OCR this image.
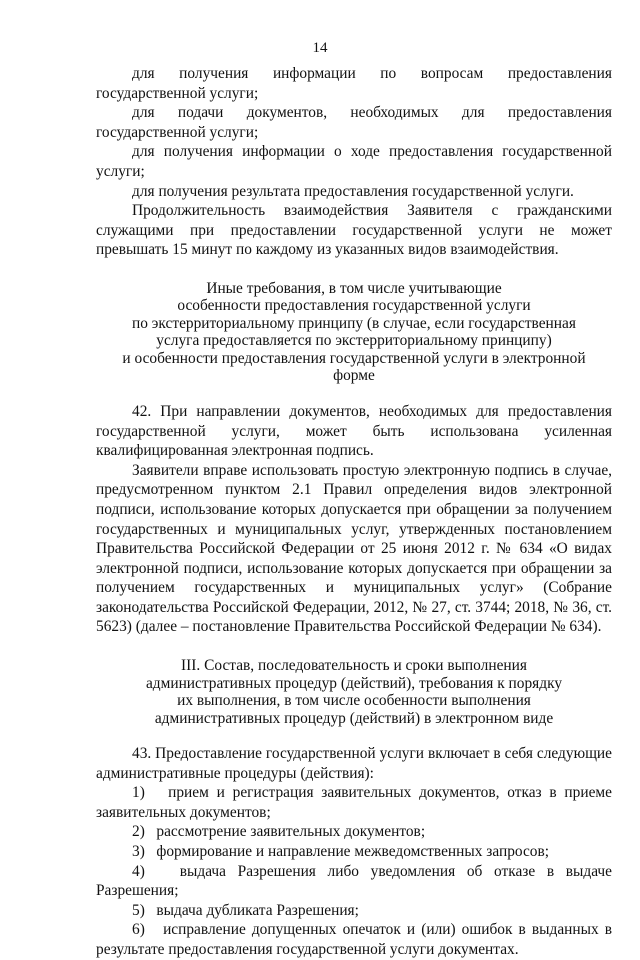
14

для получения информации по вопросам предоставления государственной услуги;

для подачи документов, необходимых для предоставления государственной услуги;

для получения информации о ходе предоставления государственной услуги;

для получения результата предоставления государственной услуги.

Продолжительность взаимодействия Заявителя с гражданскими служащими при предоставлении государственной услуги не может превышать 15 минут по каждому из указанных видов взаимодействия.

Иные требования, в том числе учитывающие
особенности предоставления государственной услуги
по экстерриториальному принципу (в случае, если государственная
услуга предоставляется по экстерриториальному принципу)
и особенности предоставления государственной услуги в электронной
форме

42. При направлении документов, необходимых для предоставления государственной услуги, может быть использована усиленная квалифицированная электронная подпись.

Заявители вправе использовать простую электронную подпись в случае, предусмотренном пунктом 2.1 Правил определения видов электронной подписи, использование которых допускается при обращении за получением государственных и муниципальных услуг, утвержденных постановлением Правительства Российской Федерации от 25 июня 2012 г. № 634 «О видах электронной подписи, использование которых допускается при обращении за получением государственных и муниципальных услуг» (Собрание законодательства Российской Федерации, 2012, № 27, ст. 3744; 2018, № 36, ст. 5623) (далее – постановление Правительства Российской Федерации № 634).

III. Состав, последовательность и сроки выполнения
административных процедур (действий), требования к порядку
их выполнения, в том числе особенности выполнения
административных процедур (действий) в электронном виде

43. Предоставление государственной услуги включает в себя следующие административные процедуры (действия):

1) прием и регистрация заявительных документов, отказ в приеме заявительных документов;

2) рассмотрение заявительных документов;

3) формирование и направление межведомственных запросов;

4) выдача Разрешения либо уведомления об отказе в выдаче Разрешения;

5) выдача дубликата Разрешения;

6) исправление допущенных опечаток и (или) ошибок в выданных в результате предоставления государственной услуги документах.
